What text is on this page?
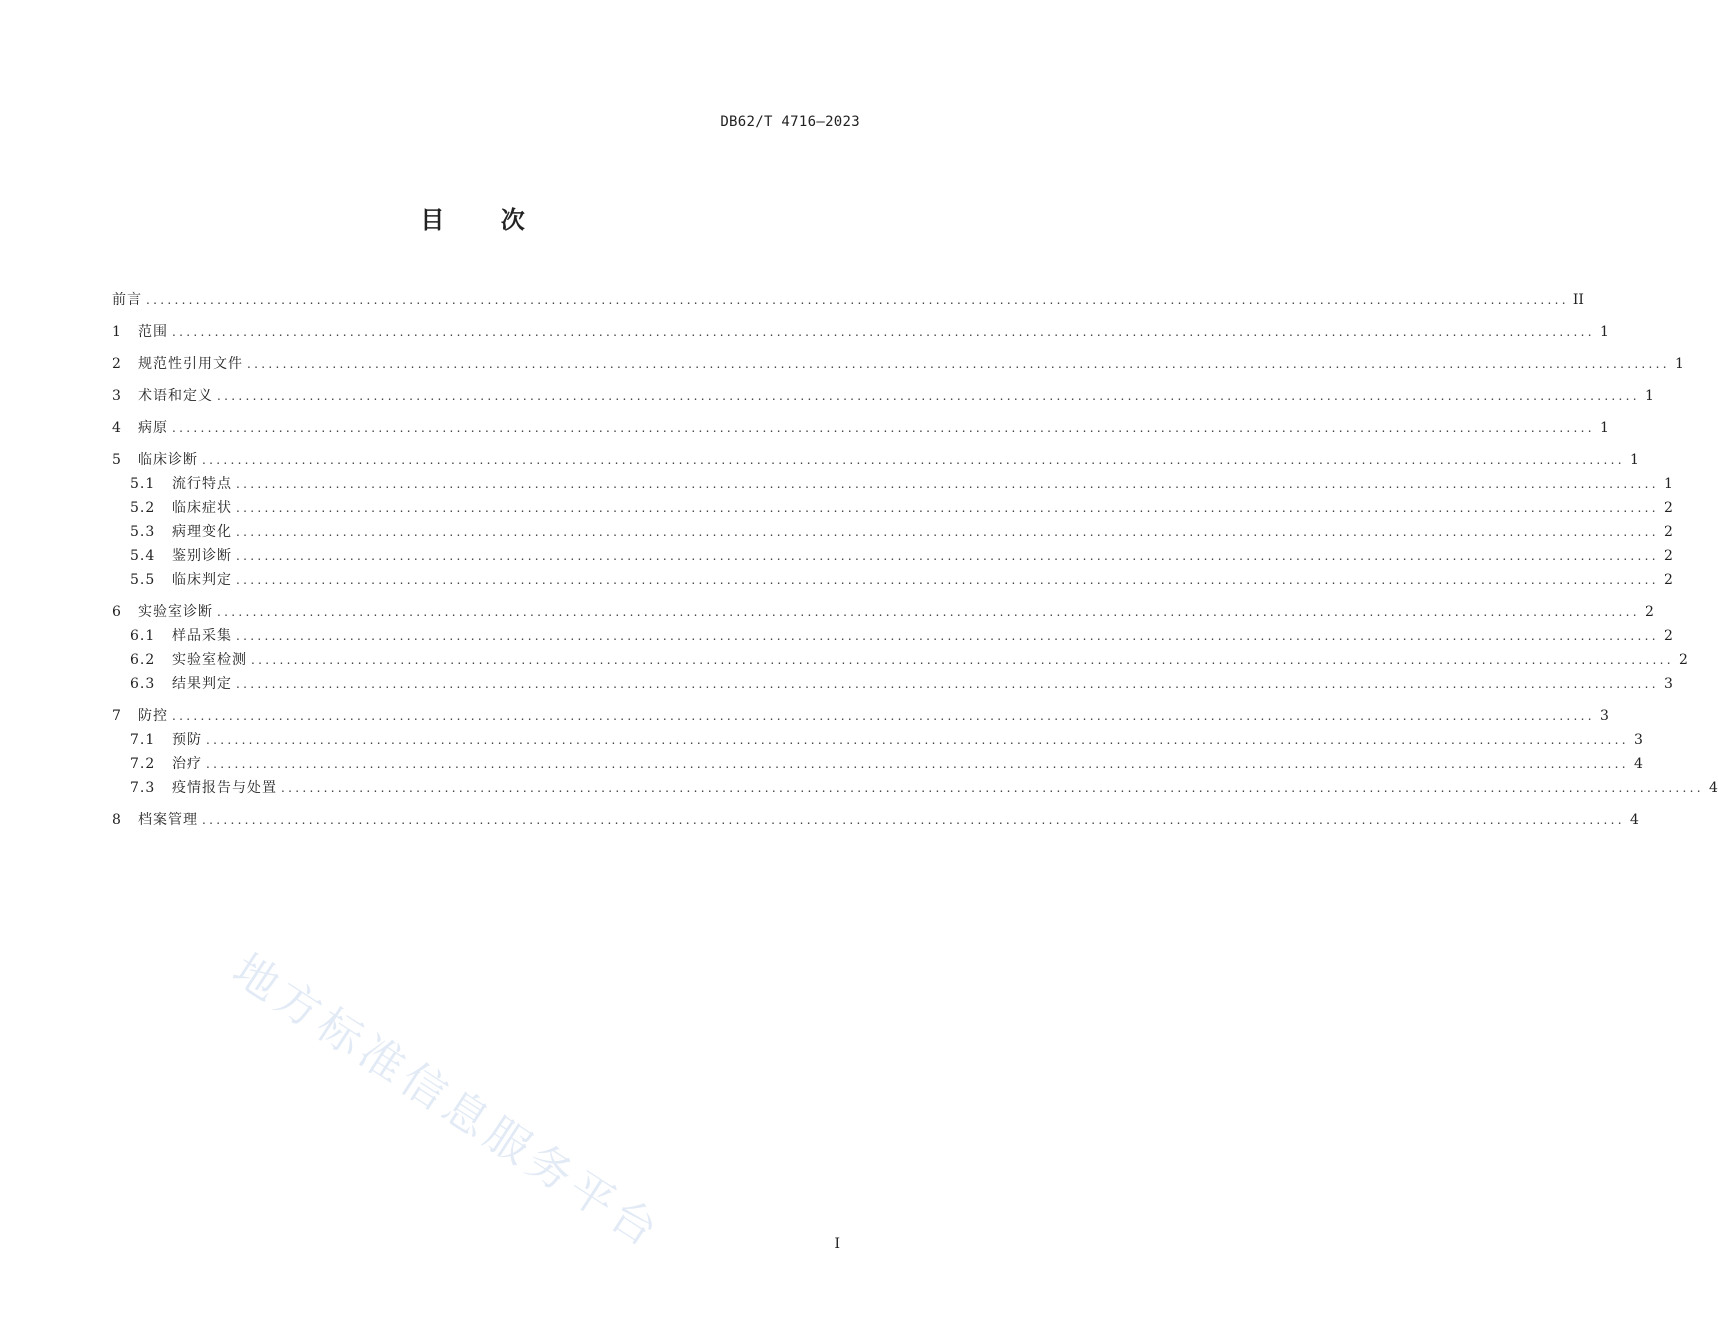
DB62/T 4716—2023
目 次
前言 ........................................................................................................................................................................................................ II
1	范围 ........................................................................................................................................................................................................ 1
2	规范性引用文件 ........................................................................................................................................................................................................ 1
3	术语和定义 ........................................................................................................................................................................................................ 1
4	病原 ........................................................................................................................................................................................................ 1
5	临床诊断 ........................................................................................................................................................................................................ 1
5.1	流行特点 ........................................................................................................................................................................................................ 1
5.2	临床症状 ........................................................................................................................................................................................................ 2
5.3	病理变化 ........................................................................................................................................................................................................ 2
5.4	鉴别诊断 ........................................................................................................................................................................................................ 2
5.5	临床判定 ........................................................................................................................................................................................................ 2
6	实验室诊断 ........................................................................................................................................................................................................ 2
6.1	样品采集 ........................................................................................................................................................................................................ 2
6.2	实验室检测 ........................................................................................................................................................................................................ 2
6.3	结果判定 ........................................................................................................................................................................................................ 3
7	防控 ........................................................................................................................................................................................................ 3
7.1	预防 ........................................................................................................................................................................................................ 3
7.2	治疗 ........................................................................................................................................................................................................ 4
7.3	疫情报告与处置 ........................................................................................................................................................................................................ 4
8	档案管理 ........................................................................................................................................................................................................ 4
地方标准信息服务平台	I
